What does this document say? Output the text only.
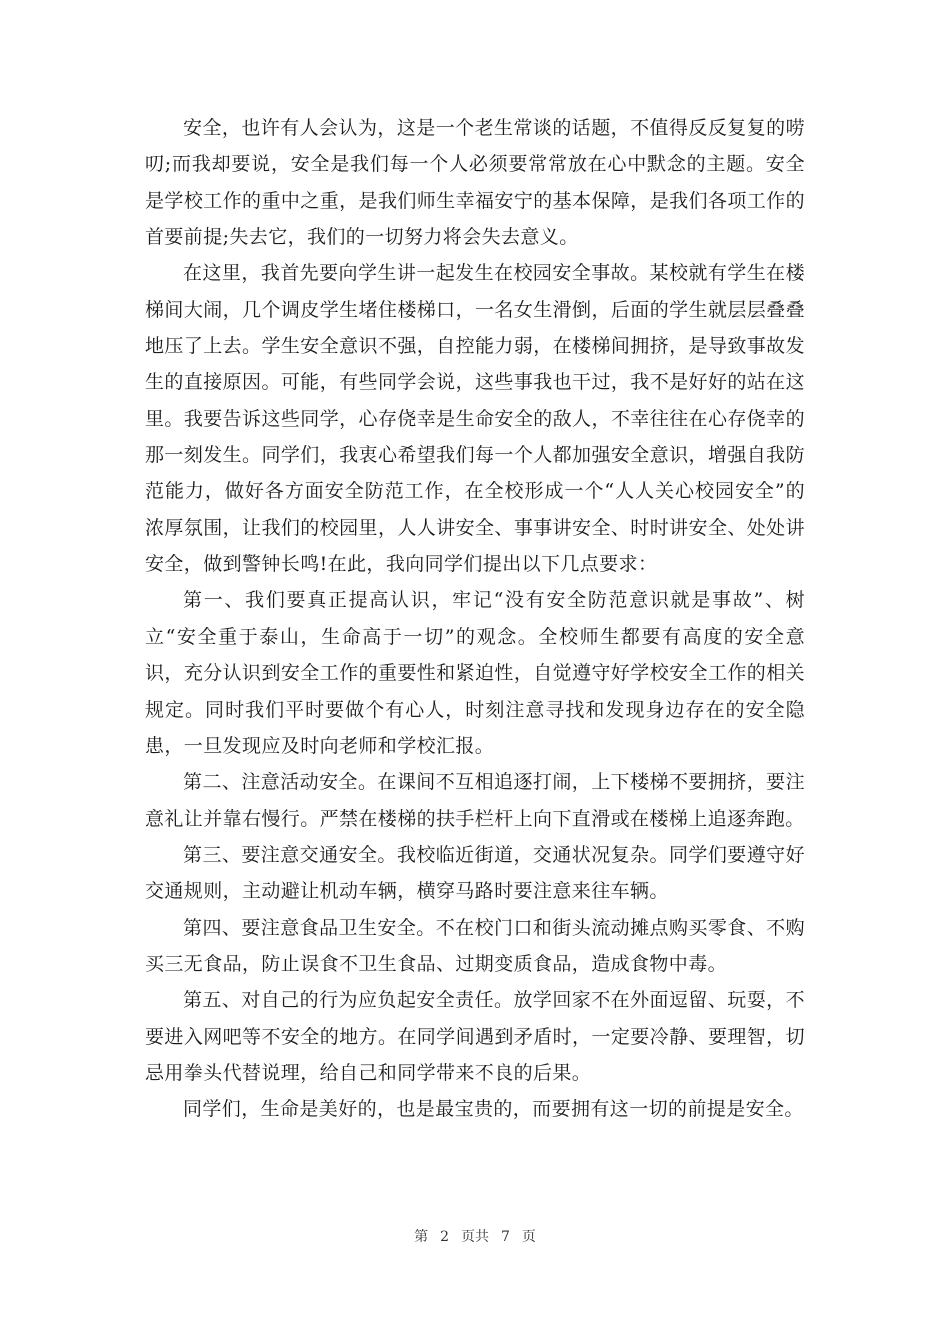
安全，也许有人会认为，这是一个老生常谈的话题，不值得反反复复的唠叨;而我却要说，安全是我们每一个人必须要常常放在心中默念的主题。安全是学校工作的重中之重，是我们师生幸福安宁的基本保障，是我们各项工作的首要前提;失去它，我们的一切努力将会失去意义。

在这里，我首先要向学生讲一起发生在校园安全事故。某校就有学生在楼梯间大闹，几个调皮学生堵住楼梯口，一名女生滑倒，后面的学生就层层叠叠地压了上去。学生安全意识不强，自控能力弱，在楼梯间拥挤，是导致事故发生的直接原因。可能，有些同学会说，这些事我也干过，我不是好好的站在这里。我要告诉这些同学，心存侥幸是生命安全的敌人，不幸往往在心存侥幸的那一刻发生。同学们，我衷心希望我们每一个人都加强安全意识，增强自我防范能力，做好各方面安全防范工作，在全校形成一个“人人关心校园安全”的浓厚氛围，让我们的校园里，人人讲安全、事事讲安全、时时讲安全、处处讲安全，做到警钟长鸣!在此，我向同学们提出以下几点要求：

第一、我们要真正提高认识，牢记“没有安全防范意识就是事故”、树立“安全重于泰山，生命高于一切”的观念。全校师生都要有高度的安全意识，充分认识到安全工作的重要性和紧迫性，自觉遵守好学校安全工作的相关规定。同时我们平时要做个有心人，时刻注意寻找和发现身边存在的安全隐患，一旦发现应及时向老师和学校汇报。

第二、注意活动安全。在课间不互相追逐打闹，上下楼梯不要拥挤，要注意礼让并靠右慢行。严禁在楼梯的扶手栏杆上向下直滑或在楼梯上追逐奔跑。

第三、要注意交通安全。我校临近街道，交通状况复杂。同学们要遵守好交通规则，主动避让机动车辆，横穿马路时要注意来往车辆。

第四、要注意食品卫生安全。不在校门口和街头流动摊点购买零食、不购买三无食品，防止误食不卫生食品、过期变质食品，造成食物中毒。

第五、对自己的行为应负起安全责任。放学回家不在外面逗留、玩耍，不要进入网吧等不安全的地方。在同学间遇到矛盾时，一定要冷静、要理智，切忌用拳头代替说理，给自己和同学带来不良的后果。

同学们，生命是美好的，也是最宝贵的，而要拥有这一切的前提是安全。

第 2 页共 7 页
